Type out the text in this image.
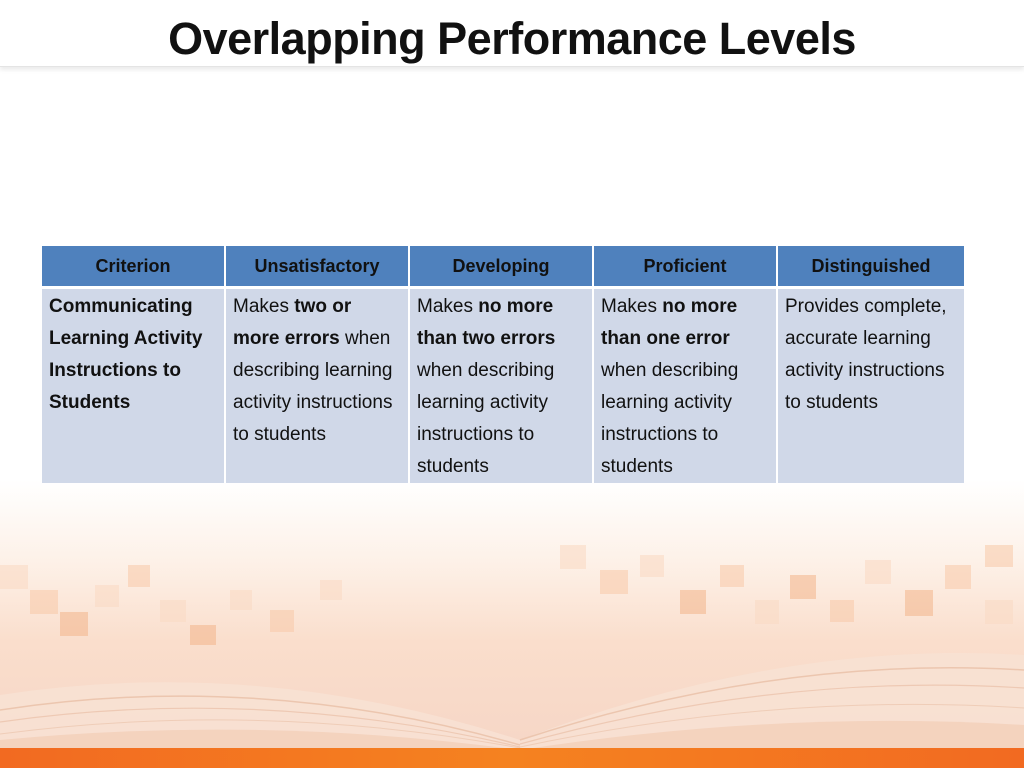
Overlapping Performance Levels
Criterion	Unsatisfactory	Developing	Proficient	Distinguished
Communicating Learning Activity Instructions to Students	Makes two or more errors when describing learning activity instructions to students	Makes no more than two errors when describing learning activity instructions to students	Makes no more than one error when describing learning activity instructions to students	Provides complete, accurate learning activity instructions to students
